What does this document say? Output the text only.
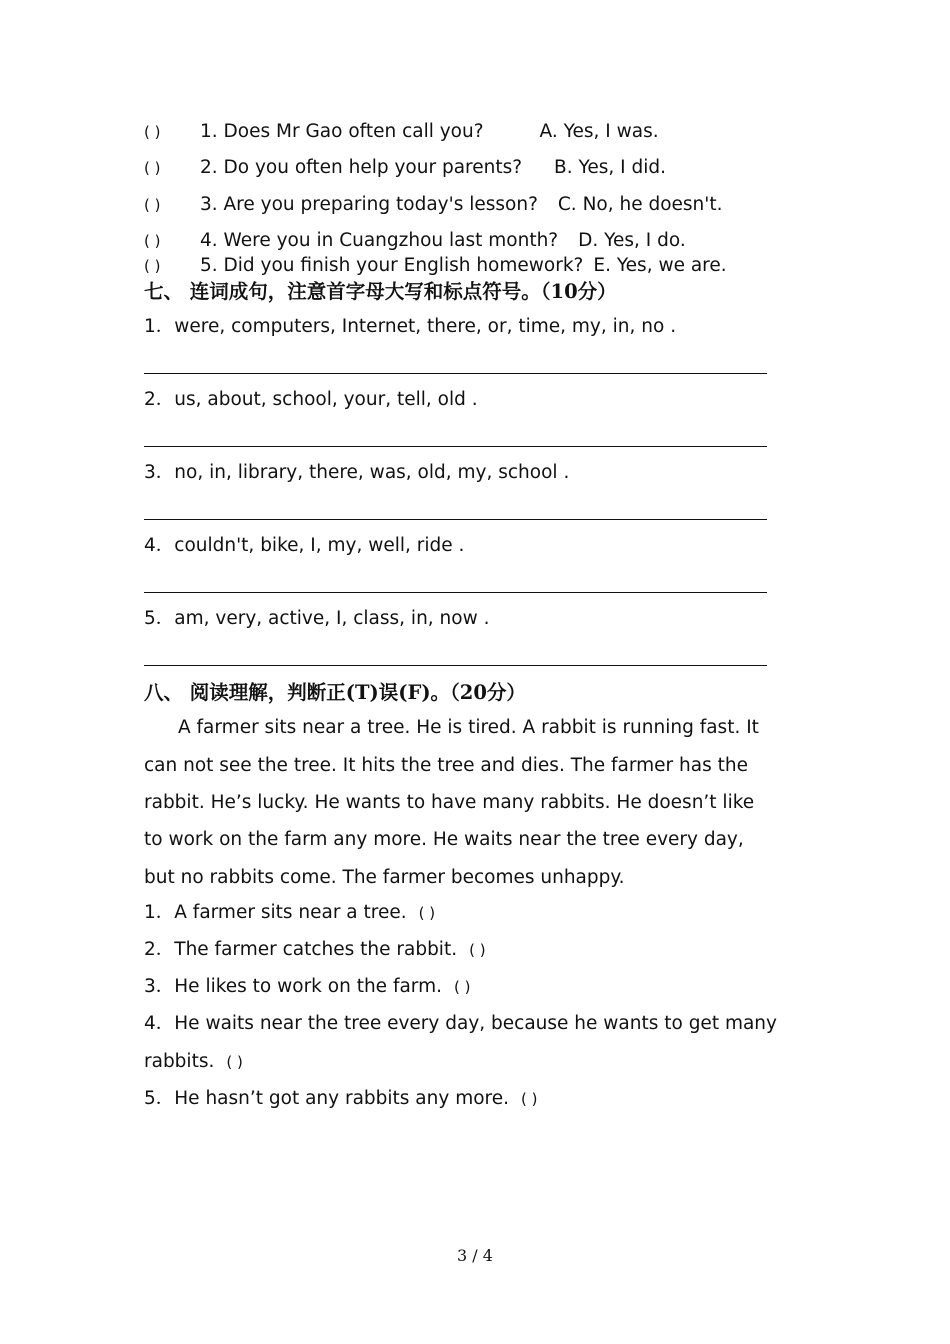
( ) 1. Does Mr Gao often call you?	A. Yes, I was.
( ) 2. Do you often help your parents? B. Yes, I did.
( ) 3. Are you preparing today's lesson? C. No, he doesn't.
( ) 4. Were you in Cuangzhou last month? D. Yes, I do.
( ) 5. Did you finish your English homework? E. Yes, we are.
七、 连词成句，注意首字母大写和标点符号。（10分）
1．were, computers, Internet, there, or, time, my, in, no .
2．us, about, school, your, tell, old .
3．no, in, library, there, was, old, my, school .
4．couldn't, bike, I, my, well, ride .
5．am, very, active, I, class, in, now .
八、 阅读理解，判断正(T)误(F)。（20分）
A farmer sits near a tree. He is tired. A rabbit is running fast. It
can not see the tree. It hits the tree and dies. The farmer has the
rabbit. He’s lucky. He wants to have many rabbits. He doesn’t like
to work on the farm any more. He waits near the tree every day,
but no rabbits come. The farmer becomes unhappy.
1．A farmer sits near a tree. ( )
2．The farmer catches the rabbit. ( )
3．He likes to work on the farm. ( )
4．He waits near the tree every day, because he wants to get many
rabbits. ( )
5．He hasn’t got any rabbits any more. ( )
3 / 4
